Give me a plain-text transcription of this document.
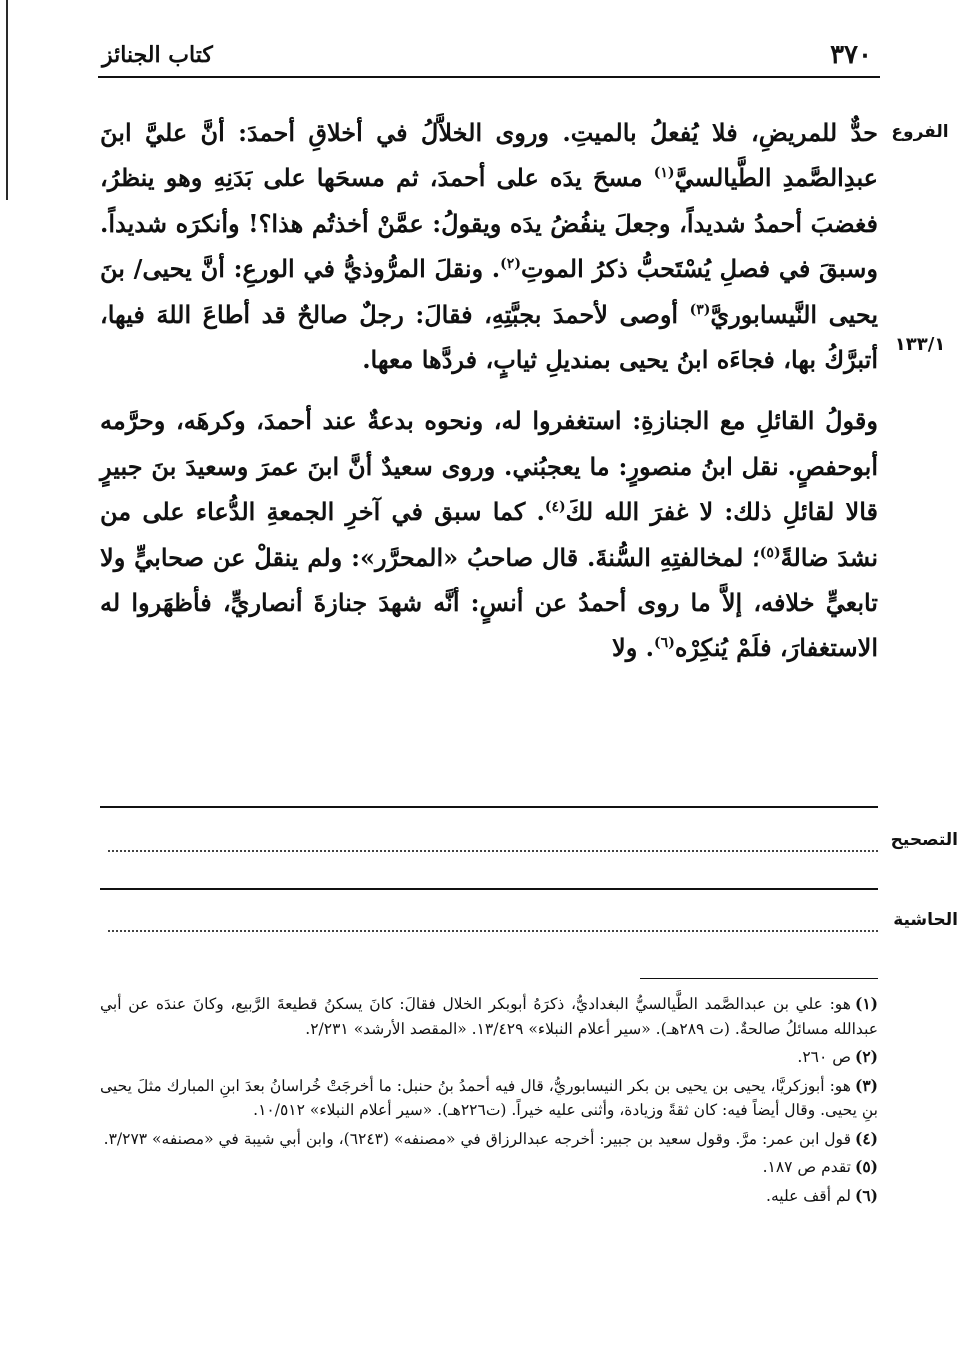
٣٧٠
كتاب الجنائز
الفروع
١٣٣/١

حدٌّ للمريضِ، فلا يُفعلُ بالميتِ. وروى الخلاَّلُ في أخلاقِ أحمدَ: أنَّ عليَّ ابنَ عبدِالصَّمدِ الطَّيالسيَّ$^{(١)}$ مسحَ يدَه على أحمدَ، ثم مسحَها على بَدَنِهِ وهو ينظرُ، فغضبَ أحمدُ شديداً، وجعلَ ينفُضُ يدَه ويقولُ: عمَّنْ أخذتُم هذا؟! وأنكرَه شديداً. وسبقَ في فصلِ يُسْتَحبُّ ذكرُ الموتِ$^{(٢)}$. ونقلَ المرُّوذيُّ في الورعِ: أنَّ يحيى/ بنَ يحيى النَّيسابوريَّ$^{(٣)}$ أوصى لأحمدَ بجبَّتِهِ، فقالَ: رجلٌ صالحٌ قد أطاعَ اللهَ فيها، أتبرَّكُ بها، فجاءَه ابنُ يحيى بمنديلِ ثيابٍ، فردَّها معها.

وقولُ القائلِ مع الجنازةِ: استغفروا له، ونحوه بدعةٌ عند أحمدَ، وكرهَه، وحرَّمه أبوحفصٍ. نقل ابنُ منصورٍ: ما يعجبُني. وروى سعيدٌ أنَّ ابنَ عمرَ وسعيدَ بنَ جبيرٍ قالا لقائلِ ذلك: لا غفرَ الله لكَ$^{(٤)}$. كما سبق في آخرِ الجمعةِ الدُّعاء على من نشدَ ضالةً$^{(٥)}$؛ لمخالفتِهِ السُّنةَ. قال صاحبُ «المحرَّر»: ولم ينقلْ عن صحابيٍّ ولا تابعيٍّ خلافه، إلاَّ ما روى أحمدُ عن أنسٍ: أنَّه شهدَ جنازةَ أنصاريٍّ، فأظهَروا له الاستغفارَ، فلَمْ يُنكِرْه$^{(٦)}$. ولا

التصحيح
الحاشية
(١)هو: علي بن عبدالصَّمد الطَّيالسيُّ البغداديُّ، ذكرَهُ أبوبكر الخلال فقالَ: كانَ يسكنُ قطيعةَ الرَّبيع، وكانَ عندَه عن أبي عبدالله مسائلُ صالحةٌ. (ت ٢٨٩هـ). «سير أعلام النبلاء» ١٣/٤٢٩. «المقصد الأرشد» ٢/٢٣١.
(٢)ص ٢٦٠.
(٣)هو: أبوزكريَّا، يحيى بن يحيى بن بكر النيسابوريُّ، قال فيه أحمدُ بنُ حنبل: ما أخرجَتْ خُراسانُ بعدَ ابنِ المبارك مثلَ يحيى بنِ يحيى. وقال أيضاً فيه: كان ثقةً وزيادة، وأثنى عليه خيراً. (ت٢٢٦هـ). «سير أعلام النبلاء» ١٠/٥١٢.
(٤)قول ابن عمر: مرَّ. وقول سعيد بن جبير: أخرجه عبدالرزاق في «مصنفه» (٦٢٤٣)، وابن أبي شيبة في «مصنفه» ٣/٢٧٣.
(٥)تقدم ص ١٨٧.
(٦)لم أقف عليه.
